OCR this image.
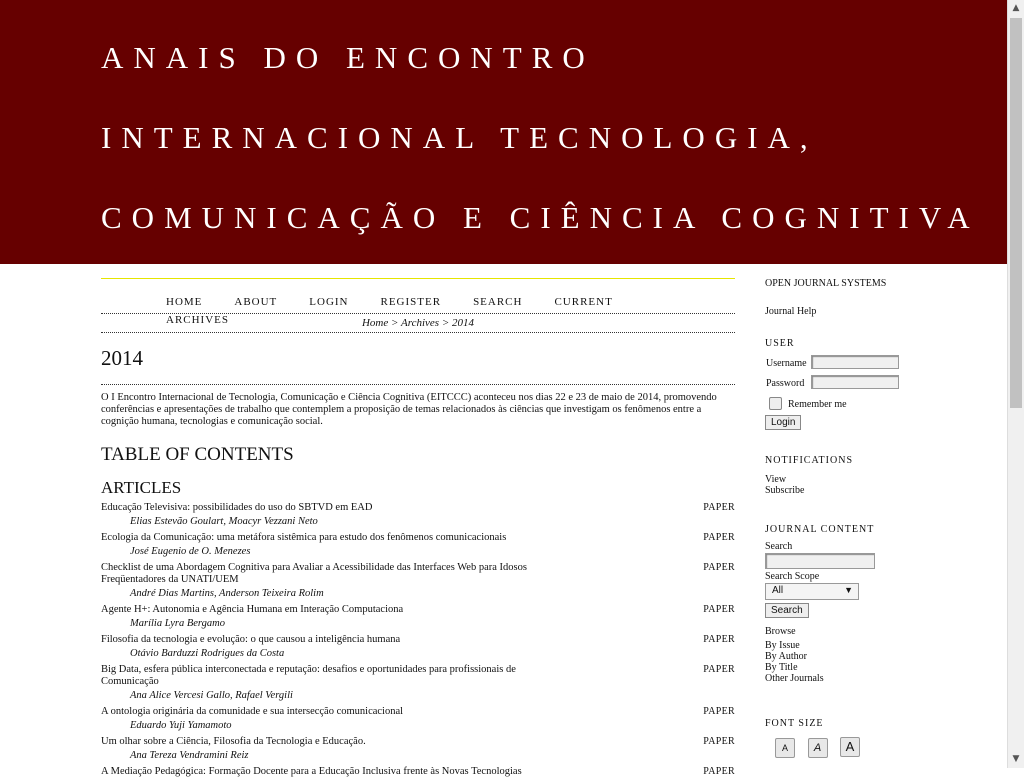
ANAIS DO ENCONTRO
INTERNACIONAL TECNOLOGIA,
COMUNICAÇÃO E CIÊNCIA COGNITIVA
HOME	ABOUT	LOGIN	REGISTER	SEARCH	CURRENT ARCHIVES	Home > Archives > 2014
2014
O I Encontro Internacional de Tecnologia, Comunicação e Ciência Cognitiva (EITCCC) aconteceu nos dias 22 e 23 de maio de 2014, promovendo conferências e apresentações de trabalho que contemplem a proposição de temas relacionados às ciências que investigam os fenômenos entre a cognição humana, tecnologias e comunicação social.
TABLE OF CONTENTS
ARTICLES
Educação Televisiva: possibilidades do uso do SBTVD em EAD	PAPER
Elias Estevão Goulart, Moacyr Vezzani Neto
Ecologia da Comunicação: uma metáfora sistêmica para estudo dos fenômenos comunicacionais	PAPER
José Eugenio de O. Menezes
Checklist de uma Abordagem Cognitiva para Avaliar a Acessibilidade das Interfaces Web para Idosos Freqüentadores da UNATI/UEM
PAPER
André Dias Martins, Anderson Teixeira Rolim
Agente H+: Autonomia e Agência Humana em Interação Computaciona	PAPER
Marília Lyra Bergamo
Filosofia da tecnologia e evolução: o que causou a inteligência humana	PAPER
Otávio Barduzzi Rodrigues da Costa
Big Data, esfera pública interconectada e reputação: desafios e oportunidades para profissionais de Comunicação
PAPER
Ana Alice Vercesi Gallo, Rafael Vergili
A ontologia originária da comunidade e sua intersecção comunicacional	PAPER
Eduardo Yuji Yamamoto
Um olhar sobre a Ciência, Filosofia da Tecnologia e Educação.	PAPER
Ana Tereza Vendramini Reiz
A Mediação Pedagógica: Formação Docente para a Educação Inclusiva frente às Novas Tecnologias	PAPER
OPEN JOURNAL SYSTEMS
Journal Help
USER
Username
Password
Remember me
Login
NOTIFICATIONS
View
Subscribe
JOURNAL CONTENT
Search
Search Scope
All	▼
Search
Browse
By Issue
By Author
By Title
Other Journals
FONT SIZE
A A A
▲
▼
